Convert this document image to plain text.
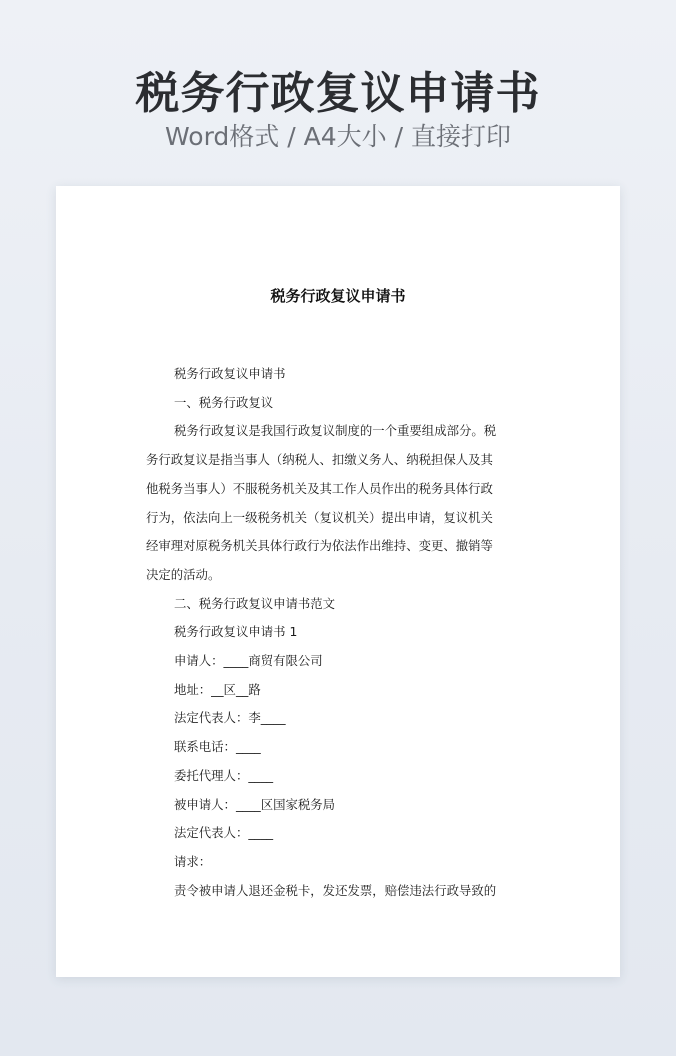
税务行政复议申请书
Word格式 / A4大小 / 直接打印
税务行政复议申请书

税务行政复议申请书

一、税务行政复议

税务行政复议是我国行政复议制度的一个重要组成部分。税

务行政复议是指当事人（纳税人、扣缴义务人、纳税担保人及其

他税务当事人）不服税务机关及其工作人员作出的税务具体行政

行为，依法向上一级税务机关（复议机关）提出申请，复议机关

经审理对原税务机关具体行政行为依法作出维持、变更、撤销等

决定的活动。

二、税务行政复议申请书范文

税务行政复议申请书 1

申请人：____商贸有限公司

地址：__区__路

法定代表人：李____

联系电话：____

委托代理人：____

被申请人：____区国家税务局

法定代表人：____

请求：

责令被申请人退还金税卡，发还发票，赔偿违法行政导致的
